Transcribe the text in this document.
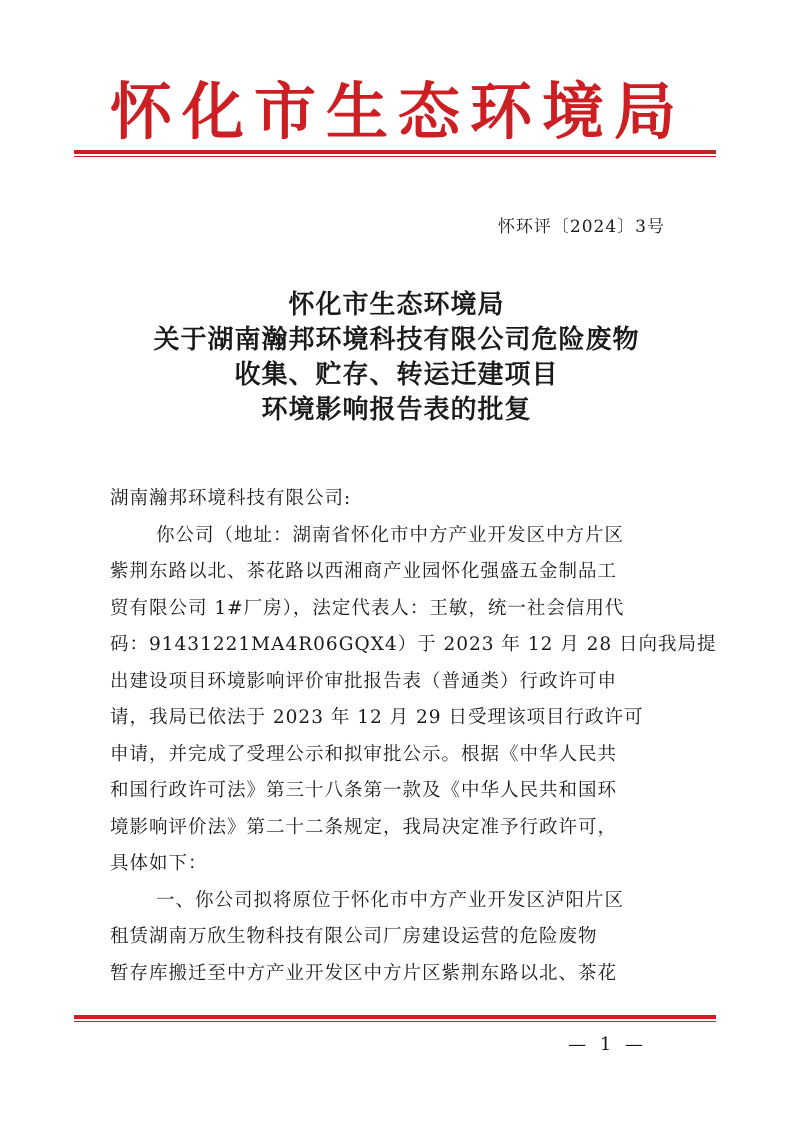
怀化市生态环境局
怀环评〔2024〕3号
怀化市生态环境局
关于湖南瀚邦环境科技有限公司危险废物
收集、贮存、转运迁建项目
环境影响报告表的批复

湖南瀚邦环境科技有限公司:

你公司（地址：湖南省怀化市中方产业开发区中方片区
紫荆东路以北、茶花路以西湘商产业园怀化强盛五金制品工
贸有限公司 1#厂房），法定代表人：王敏，统一社会信用代
码：91431221MA4R06GQX4）于 2023 年 12 月 28 日向我局提
出建设项目环境影响评价审批报告表（普通类）行政许可申
请，我局已依法于 2023 年 12 月 29 日受理该项目行政许可
申请，并完成了受理公示和拟审批公示。根据《中华人民共
和国行政许可法》第三十八条第一款及《中华人民共和国环
境影响评价法》第二十二条规定，我局决定准予行政许可，
具体如下：
一、你公司拟将原位于怀化市中方产业开发区泸阳片区
租赁湖南万欣生物科技有限公司厂房建设运营的危险废物
暂存库搬迁至中方产业开发区中方片区紫荆东路以北、茶花

— 1 —
